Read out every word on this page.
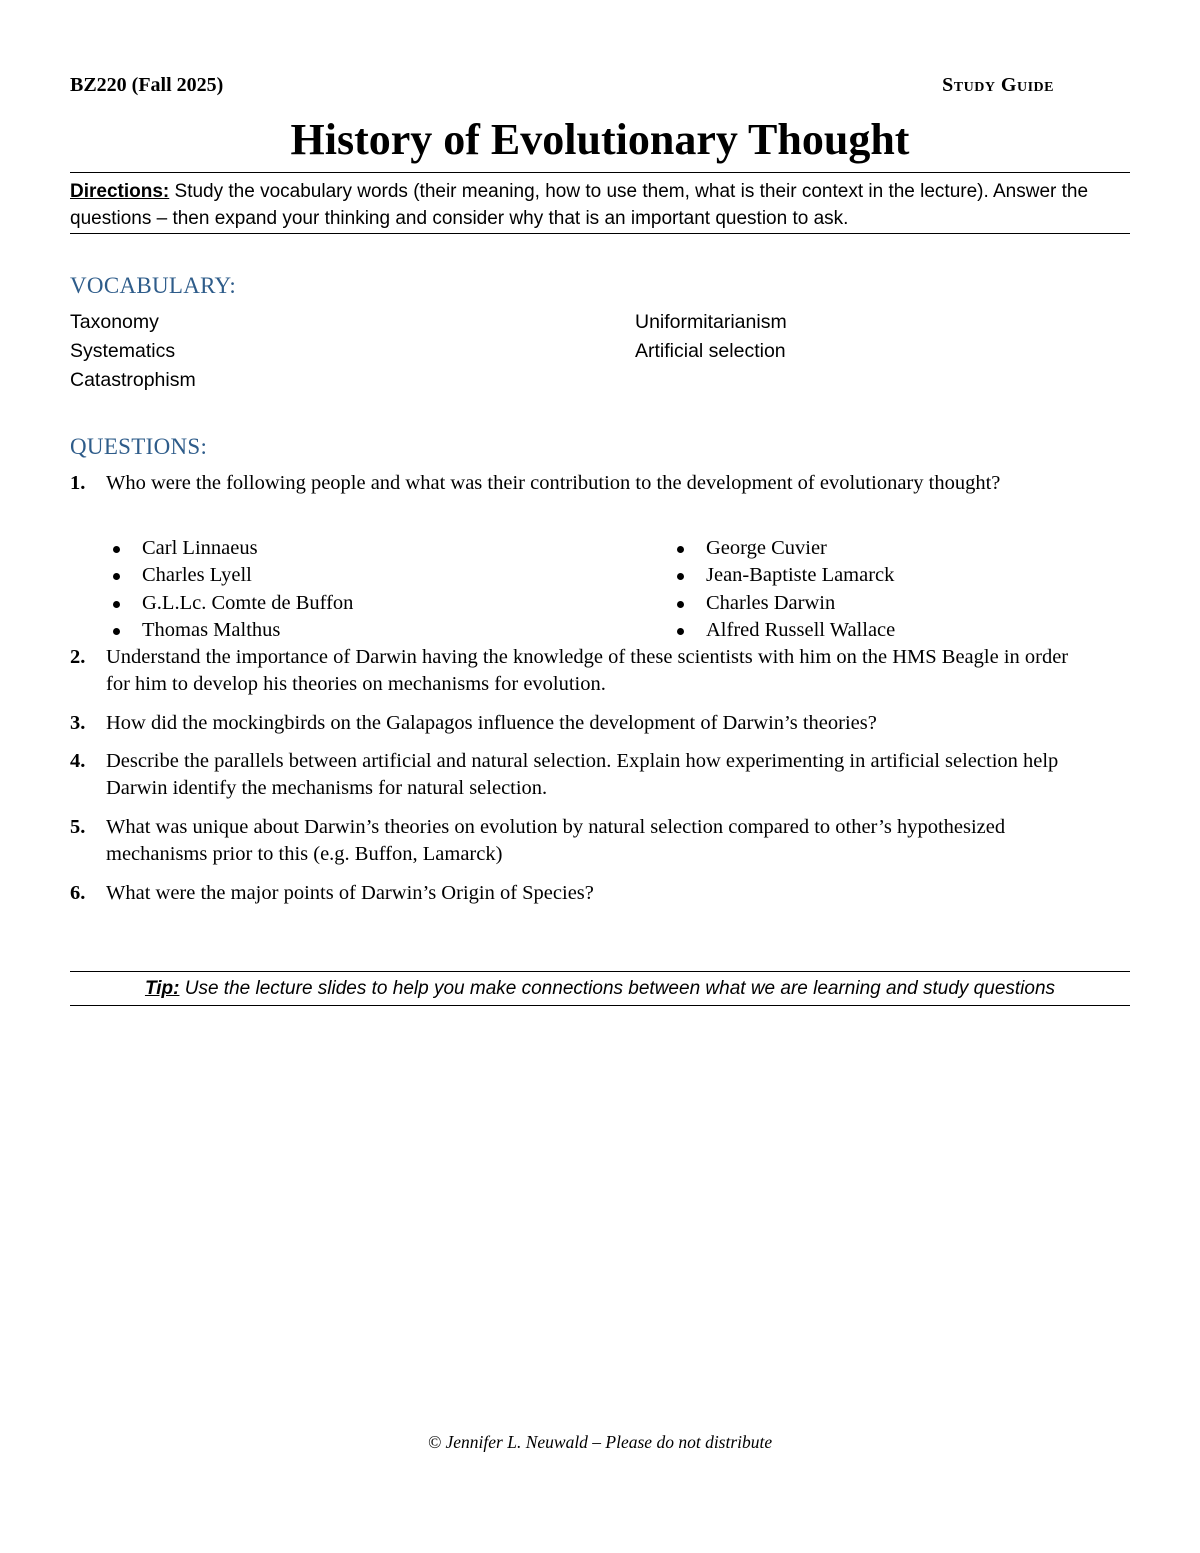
BZ220 (Fall 2025)	Study Guide
History of Evolutionary Thought
Directions: Study the vocabulary words (their meaning, how to use them, what is their context in the lecture). Answer the questions – then expand your thinking and consider why that is an important question to ask.
VOCABULARY:
Taxonomy
Systematics
Catastrophism
Uniformitarianism
Artificial selection
QUESTIONS:
1. Who were the following people and what was their contribution to the development of evolutionary thought?
Carl Linnaeus
Charles Lyell
G.L.Lc. Comte de Buffon
Thomas Malthus
George Cuvier
Jean-Baptiste Lamarck
Charles Darwin
Alfred Russell Wallace
2. Understand the importance of Darwin having the knowledge of these scientists with him on the HMS Beagle in order for him to develop his theories on mechanisms for evolution.
3. How did the mockingbirds on the Galapagos influence the development of Darwin’s theories?
4. Describe the parallels between artificial and natural selection. Explain how experimenting in artificial selection help Darwin identify the mechanisms for natural selection.
5. What was unique about Darwin’s theories on evolution by natural selection compared to other’s hypothesized mechanisms prior to this (e.g. Buffon, Lamarck)
6. What were the major points of Darwin’s Origin of Species?
Tip: Use the lecture slides to help you make connections between what we are learning and study questions
© Jennifer L. Neuwald – Please do not distribute
